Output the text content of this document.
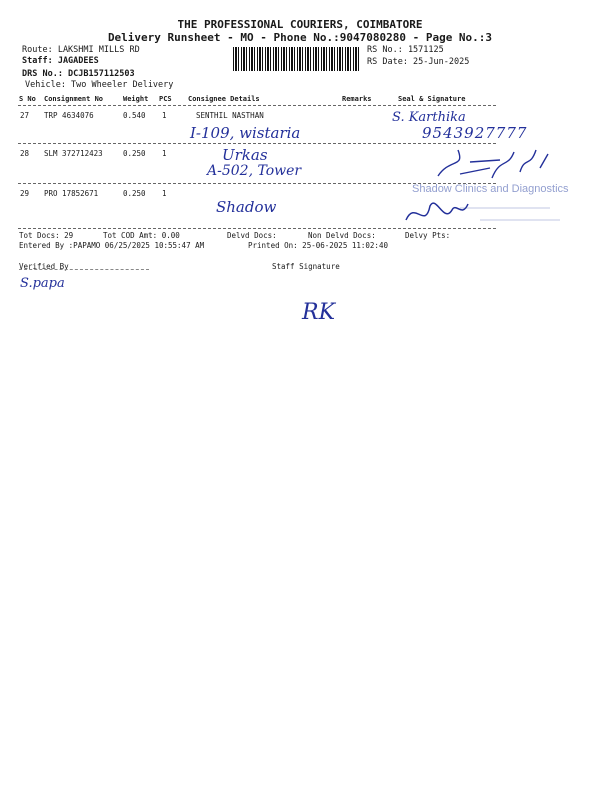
THE PROFESSIONAL COURIERS, COIMBATORE
Delivery Runsheet - MO - Phone No.:9047080280 - Page No.:3
Route: LAKSHMI MILLS RD
Staff: JAGADEES
DRS No.: DCJB157112503
Vehicle: Two Wheeler Delivery
RS No.: 1571125
RS Date: 25-Jun-2025
S No Consignment No	Weight PCS Consignee Details	Remarks	Seal & Signature
27 TRP 4634076	0.540 1	SENTHIL NASTHAN
I-109, wistaria
S. Karthika
9543927777
28 SLM 372712423	0.250 1	Urkas
A-502, Tower
29 PRO 17852671	0.250 1
Shadow
Shadow Clinics and Diagnostics
Tot Docs: 29	Tot COD Amt: 0.00	Delvd Docs:	Non Delvd Docs:	Delvy Pts:
Entered By :PAPAMO 06/25/2025 10:55:47 AM	Printed On: 25-06-2025 11:02:40
Verified By	Staff Signature
S.papa
RK
